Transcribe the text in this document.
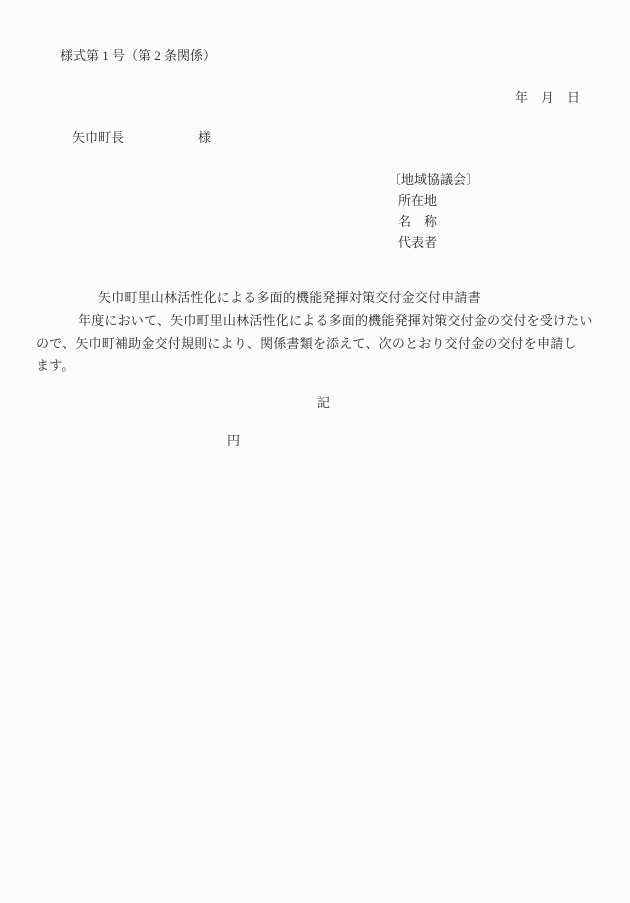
様式第 1 号（第 2 条関係）
年　月　日
矢巾町長	様
〔地域協議会〕
所在地
名　称
代表者
矢巾町里山林活性化による多面的機能発揮対策交付金交付申請書
年度において、矢巾町里山林活性化による多面的機能発揮対策交付金の交付を受けたい
ので、矢巾町補助金交付規則により、関係書類を添えて、次のとおり交付金の交付を申請し
ます。
記
円
